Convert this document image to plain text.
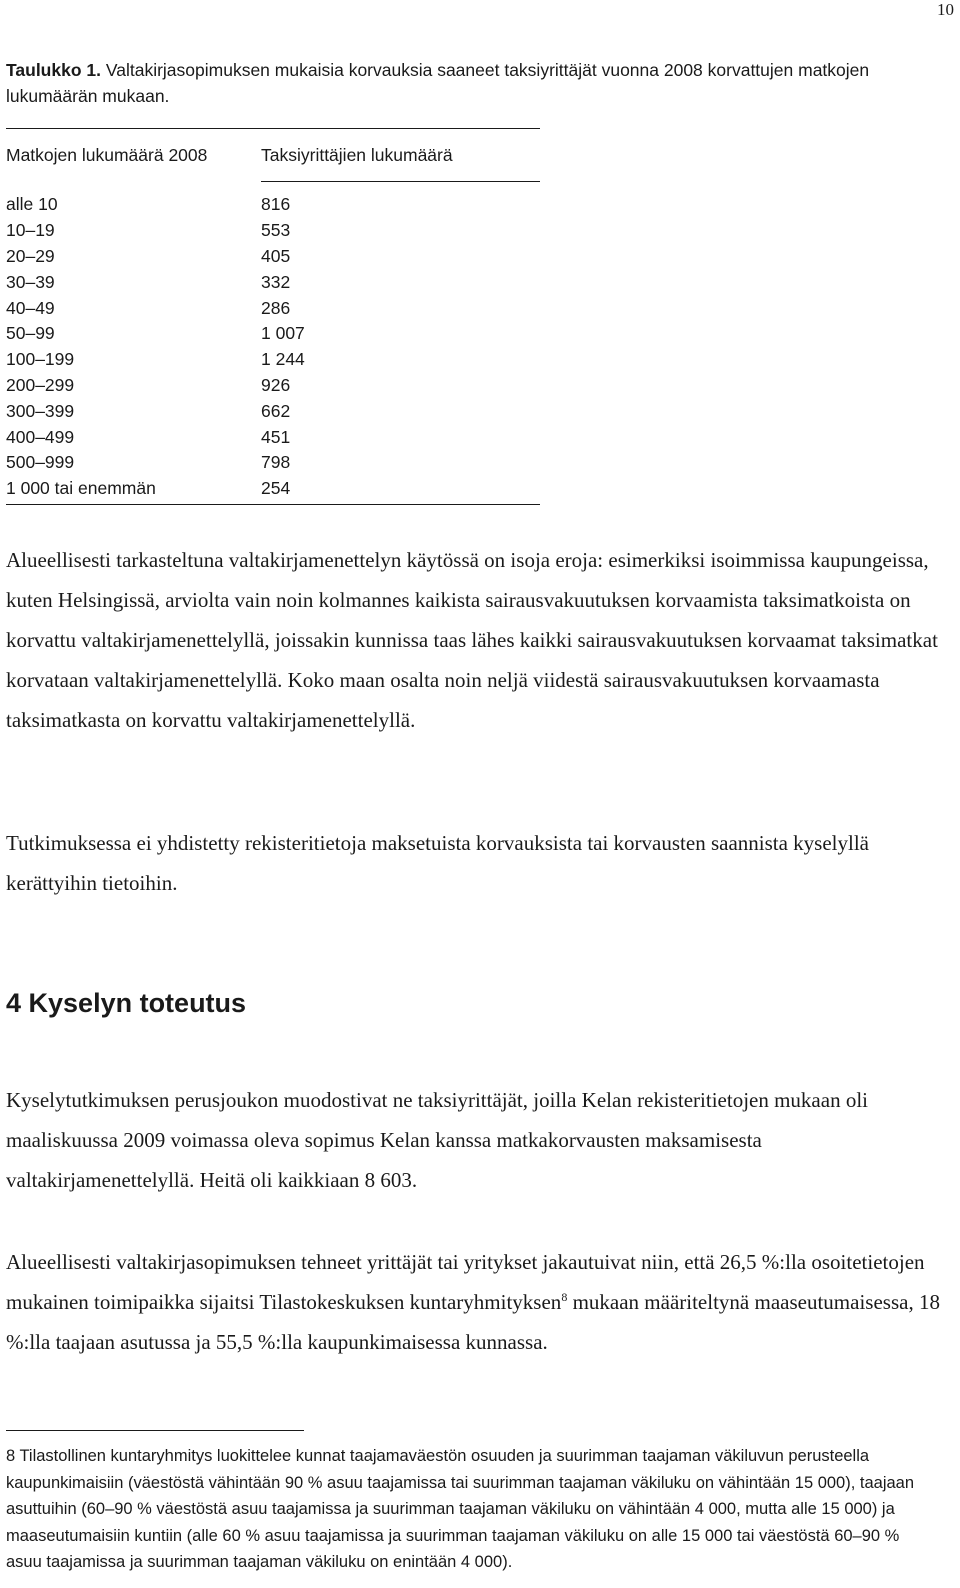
10
Taulukko 1. Valtakirjasopimuksen mukaisia korvauksia saaneet taksiyrittäjät vuonna 2008 korvattujen matkojen lukumäärän mukaan.
Matkojen lukumäärä 2008	Taksiyrittäjien lukumäärä
alle 10	816
10–19	553
20–29	405
30–39	332
40–49	286
50–99	1 007
100–199	1 244
200–299	926
300–399	662
400–499	451
500–999	798
1 000 tai enemmän	254

Alueellisesti tarkasteltuna valtakirjamenettelyn käytössä on isoja eroja: esimerkiksi isoimmissa kaupungeissa, kuten Helsingissä, arviolta vain noin kolmannes kaikista sairausvakuutuksen korvaamista taksimatkoista on korvattu valtakirjamenettelyllä, joissakin kunnissa taas lähes kaikki sairausvakuutuksen korvaamat taksimatkat korvataan valtakirjamenettelyllä. Koko maan osalta noin neljä viidestä sairausvakuutuksen korvaamasta taksimatkasta on korvattu valtakirjamenettelyllä.

Tutkimuksessa ei yhdistetty rekisteritietoja maksetuista korvauksista tai korvausten saannista kyselyllä kerättyihin tietoihin.

4 Kyselyn toteutus

Kyselytutkimuksen perusjoukon muodostivat ne taksiyrittäjät, joilla Kelan rekisteritietojen mukaan oli maaliskuussa 2009 voimassa oleva sopimus Kelan kanssa matkakorvausten maksamisesta valtakirjamenettelyllä. Heitä oli kaikkiaan 8 603.

Alueellisesti valtakirjasopimuksen tehneet yrittäjät tai yritykset jakautuivat niin, että 26,5 %:lla osoitetietojen mukainen toimipaikka sijaitsi Tilastokeskuksen kuntaryhmityksen$^8$ mukaan määriteltynä maaseutumaisessa, 18 %:lla taajaan asutussa ja 55,5 %:lla kaupunkimaisessa kunnassa.

8 Tilastollinen kuntaryhmitys luokittelee kunnat taajamaväestön osuuden ja suurimman taajaman väkiluvun perusteella kaupunkimaisiin (väestöstä vähintään 90 % asuu taajamissa tai suurimman taajaman väkiluku on vähintään 15 000), taajaan asuttuihin (60–90 % väestöstä asuu taajamissa ja suurimman taajaman väkiluku on vähintään 4 000, mutta alle 15 000) ja maaseutumaisiin kuntiin (alle 60 % asuu taajamissa ja suurimman taajaman väkiluku on alle 15 000 tai väestöstä 60–90 % asuu taajamissa ja suurimman taajaman väkiluku on enintään 4 000).
